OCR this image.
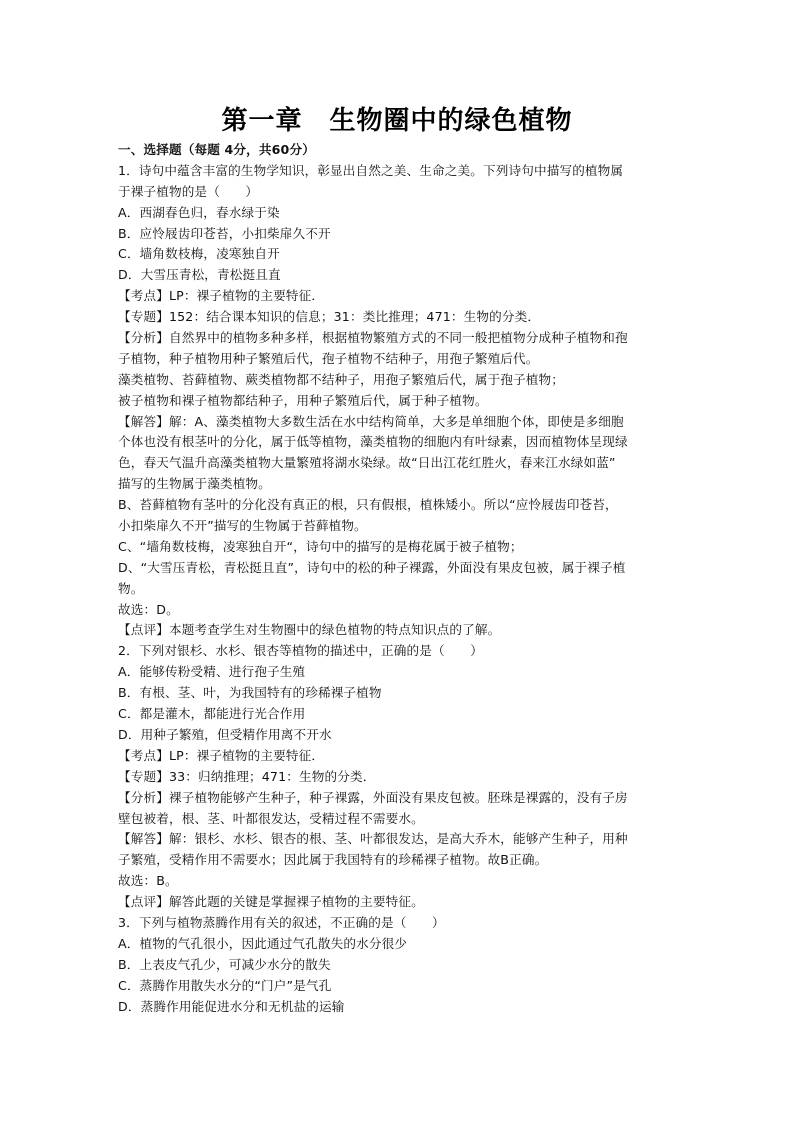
第一章　生物圈中的绿色植物
一、选择题（每题 4分，共60分）
1．诗句中蕴含丰富的生物学知识，彰显出自然之美、生命之美。下列诗句中描写的植物属
于裸子植物的是（　　）
A．西湖春色归，春水绿于染
B．应怜屐齿印苍苔，小扣柴扉久不开
C．墙角数枝梅，凌寒独自开
D．大雪压青松，青松挺且直
【考点】LP：裸子植物的主要特征．
【专题】152：结合课本知识的信息；31：类比推理；471：生物的分类．
【分析】自然界中的植物多种多样，根据植物繁殖方式的不同一般把植物分成种子植物和孢
子植物，种子植物用种子繁殖后代，孢子植物不结种子，用孢子繁殖后代。
藻类植物、苔藓植物、蕨类植物都不结种子，用孢子繁殖后代，属于孢子植物；
被子植物和裸子植物都结种子，用种子繁殖后代，属于种子植物。
【解答】解：A、藻类植物大多数生活在水中结构简单，大多是单细胞个体，即使是多细胞
个体也没有根茎叶的分化，属于低等植物，藻类植物的细胞内有叶绿素，因而植物体呈现绿
色，春天气温升高藻类植物大量繁殖将湖水染绿。故“日出江花红胜火，春来江水绿如蓝”
描写的生物属于藻类植物。
B、苔藓植物有茎叶的分化没有真正的根，只有假根，植株矮小。所以“应怜屐齿印苍苔，
小扣柴扉久不开”描写的生物属于苔藓植物。
C、“墙角数枝梅，凌寒独自开“，诗句中的描写的是梅花属于被子植物；
D、“大雪压青松，青松挺且直”，诗句中的松的种子裸露，外面没有果皮包被，属于裸子植
物。
故选：D。
【点评】本题考查学生对生物圈中的绿色植物的特点知识点的了解。
2．下列对银杉、水杉、银杏等植物的描述中，正确的是（　　）
A．能够传粉受精、进行孢子生殖
B．有根、茎、叶，为我国特有的珍稀裸子植物
C．都是灌木，都能进行光合作用
D．用种子繁殖，但受精作用离不开水
【考点】LP：裸子植物的主要特征．
【专题】33：归纳推理；471：生物的分类．
【分析】裸子植物能够产生种子，种子裸露，外面没有果皮包被。胚珠是裸露的，没有子房
壁包被着，根、茎、叶都很发达，受精过程不需要水。
【解答】解：银杉、水杉、银杏的根、茎、叶都很发达，是高大乔木，能够产生种子，用种
子繁殖，受精作用不需要水；因此属于我国特有的珍稀裸子植物。故B正确。
故选：B。
【点评】解答此题的关键是掌握裸子植物的主要特征。
3．下列与植物蒸腾作用有关的叙述，不正确的是（　　）
A．植物的气孔很小，因此通过气孔散失的水分很少
B．上表皮气孔少，可减少水分的散失
C．蒸腾作用散失水分的“门户”是气孔
D．蒸腾作用能促进水分和无机盐的运输
